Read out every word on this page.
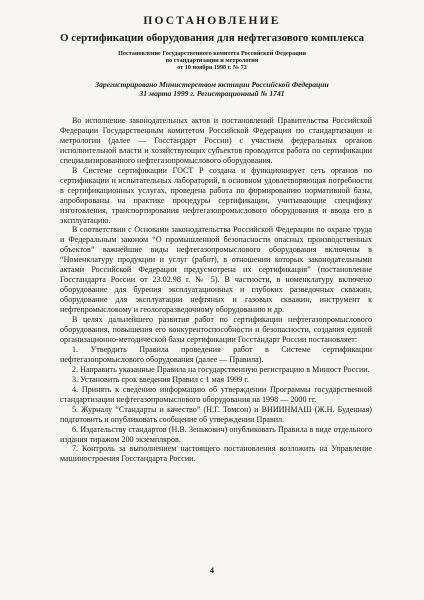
ПОСТАНОВЛЕНИЕ
О сертификации оборудования для нефтегазового комплекса
Постановление Государственного комитета Российской Федерации
по стандартизации и метрологии
от 10 ноября 1998 г. № 73
Зарегистрировано Министерством юстиции Российской Федерации
31 марта 1999 г. Регистрационный № 1741

Во исполнение законодательных актов и постановлений Правительства Российской Федерации Государственным комитетом Российской Федерации по стандартизации и метрологии (далее — Госстандарт России) с участием федеральных органов исполнительной власти и хозяйствующих субъектов проводится работа по сертификации специализированного нефтегазопромыслового оборудования.

В Системе сертификации ГОСТ Р создана и функционирует сеть органов по сертификации и испытательных лабораторий, в основном удовлетворяющая потребности в сертификационных услугах, проведена работа по формированию нормативной базы, апробированы на практике процедуры сертификации, учитывающие специфику изготовления, транспортирования нефтегазопромыслового оборудования и ввода его в эксплуатацию.

В соответствии с Основами законодательства Российской Федерации по охране труда и Федеральным законом “О промышленной безопасности опасных производственных объектов” важнейшие виды нефтегазопромыслового оборудования включены в “Номенклатуру продукции и услуг (работ), в отношении которых законодательными актами Российской Федерации предусмотрена их сертификация” (постановление Госстандарта России от 23.02.98 г. № 5). В частности, в номенклатуру включено оборудование для бурения эксплуатационных и глубоких разведочных скважин, оборудование для эксплуатации нефтяных и газовых скважин, инструмент к нефтепромысловому и геологоразведочному оборудованию и др.

В целях дальнейшего развития работ по сертификации нефтегазопромыслового оборудования, повышения его конкурентоспособности и безопасности, создания единой организационно-методической базы сертификации Госстандарт России постановляет:

1. Утвердить Правила проведения работ в Системе сертификации нефтегазопромыслового оборудования (далее — Правила).

2. Направить указанные Правила на государственную регистрацию в Минюст России.

3. Установить срок введения Правил с 1 мая 1999 г.

4. Принять к сведению информацию об утверждении Программы государственной стандартизации нефтегазопромыслового оборудования на 1998 — 2000 гг.

5. Журналу “Стандарты и качество” (Н.Г. Томсон) и ВНИИНМАШ (Ж.Н. Буденная) подготовить и опубликовать сообщение об утверждении Правил.

6. Издательству стандартов (Н.В. Зенькович) опубликовать Правила в виде отдельного издания тиражом 200 экземпляров.

7. Контроль за выполнением настоящего постановления возложить на Управление машиностроения Госстандарта России.

4
